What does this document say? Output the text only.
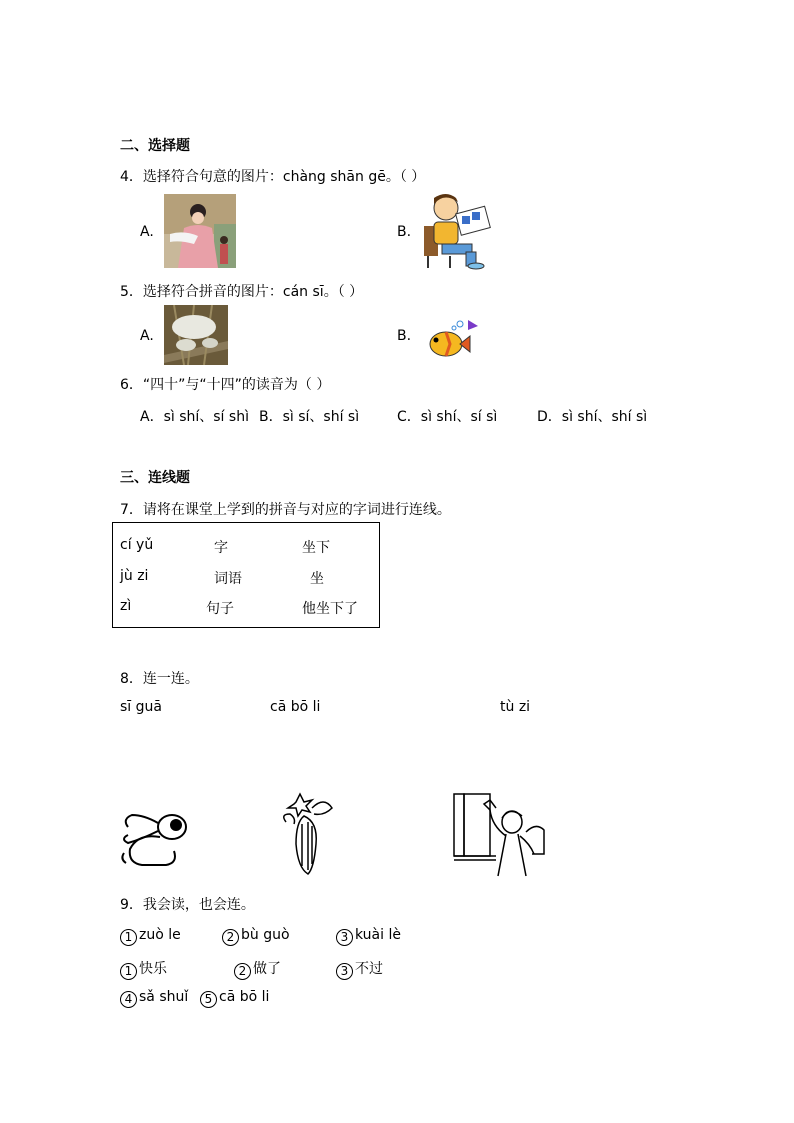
二、选择题
4．选择符合句意的图片：chàng shān gē。（ ）
A.	B.
5．选择符合拼音的图片：cán sī。（ ）
A.	B.
6．“四十”与“十四”的读音为（ ）
A．sì shí、sí shì B．sì sí、shí sì	C．sì shí、sí sì	D．sì shí、shí sì
三、连线题
7．请将在课堂上学到的拼音与对应的字词进行连线。
cí yǔ	字	坐下
jù zi	词语	坐
zì	句子	他坐下了
8．连一连。
sī guā	cā bō li	tù zi
9．我会读，也会连。
1 zuò le	2 bù guò	3 kuài lè
1 快乐	2 做了	3 不过
4 sǎ shuǐ	5 cā bō li
